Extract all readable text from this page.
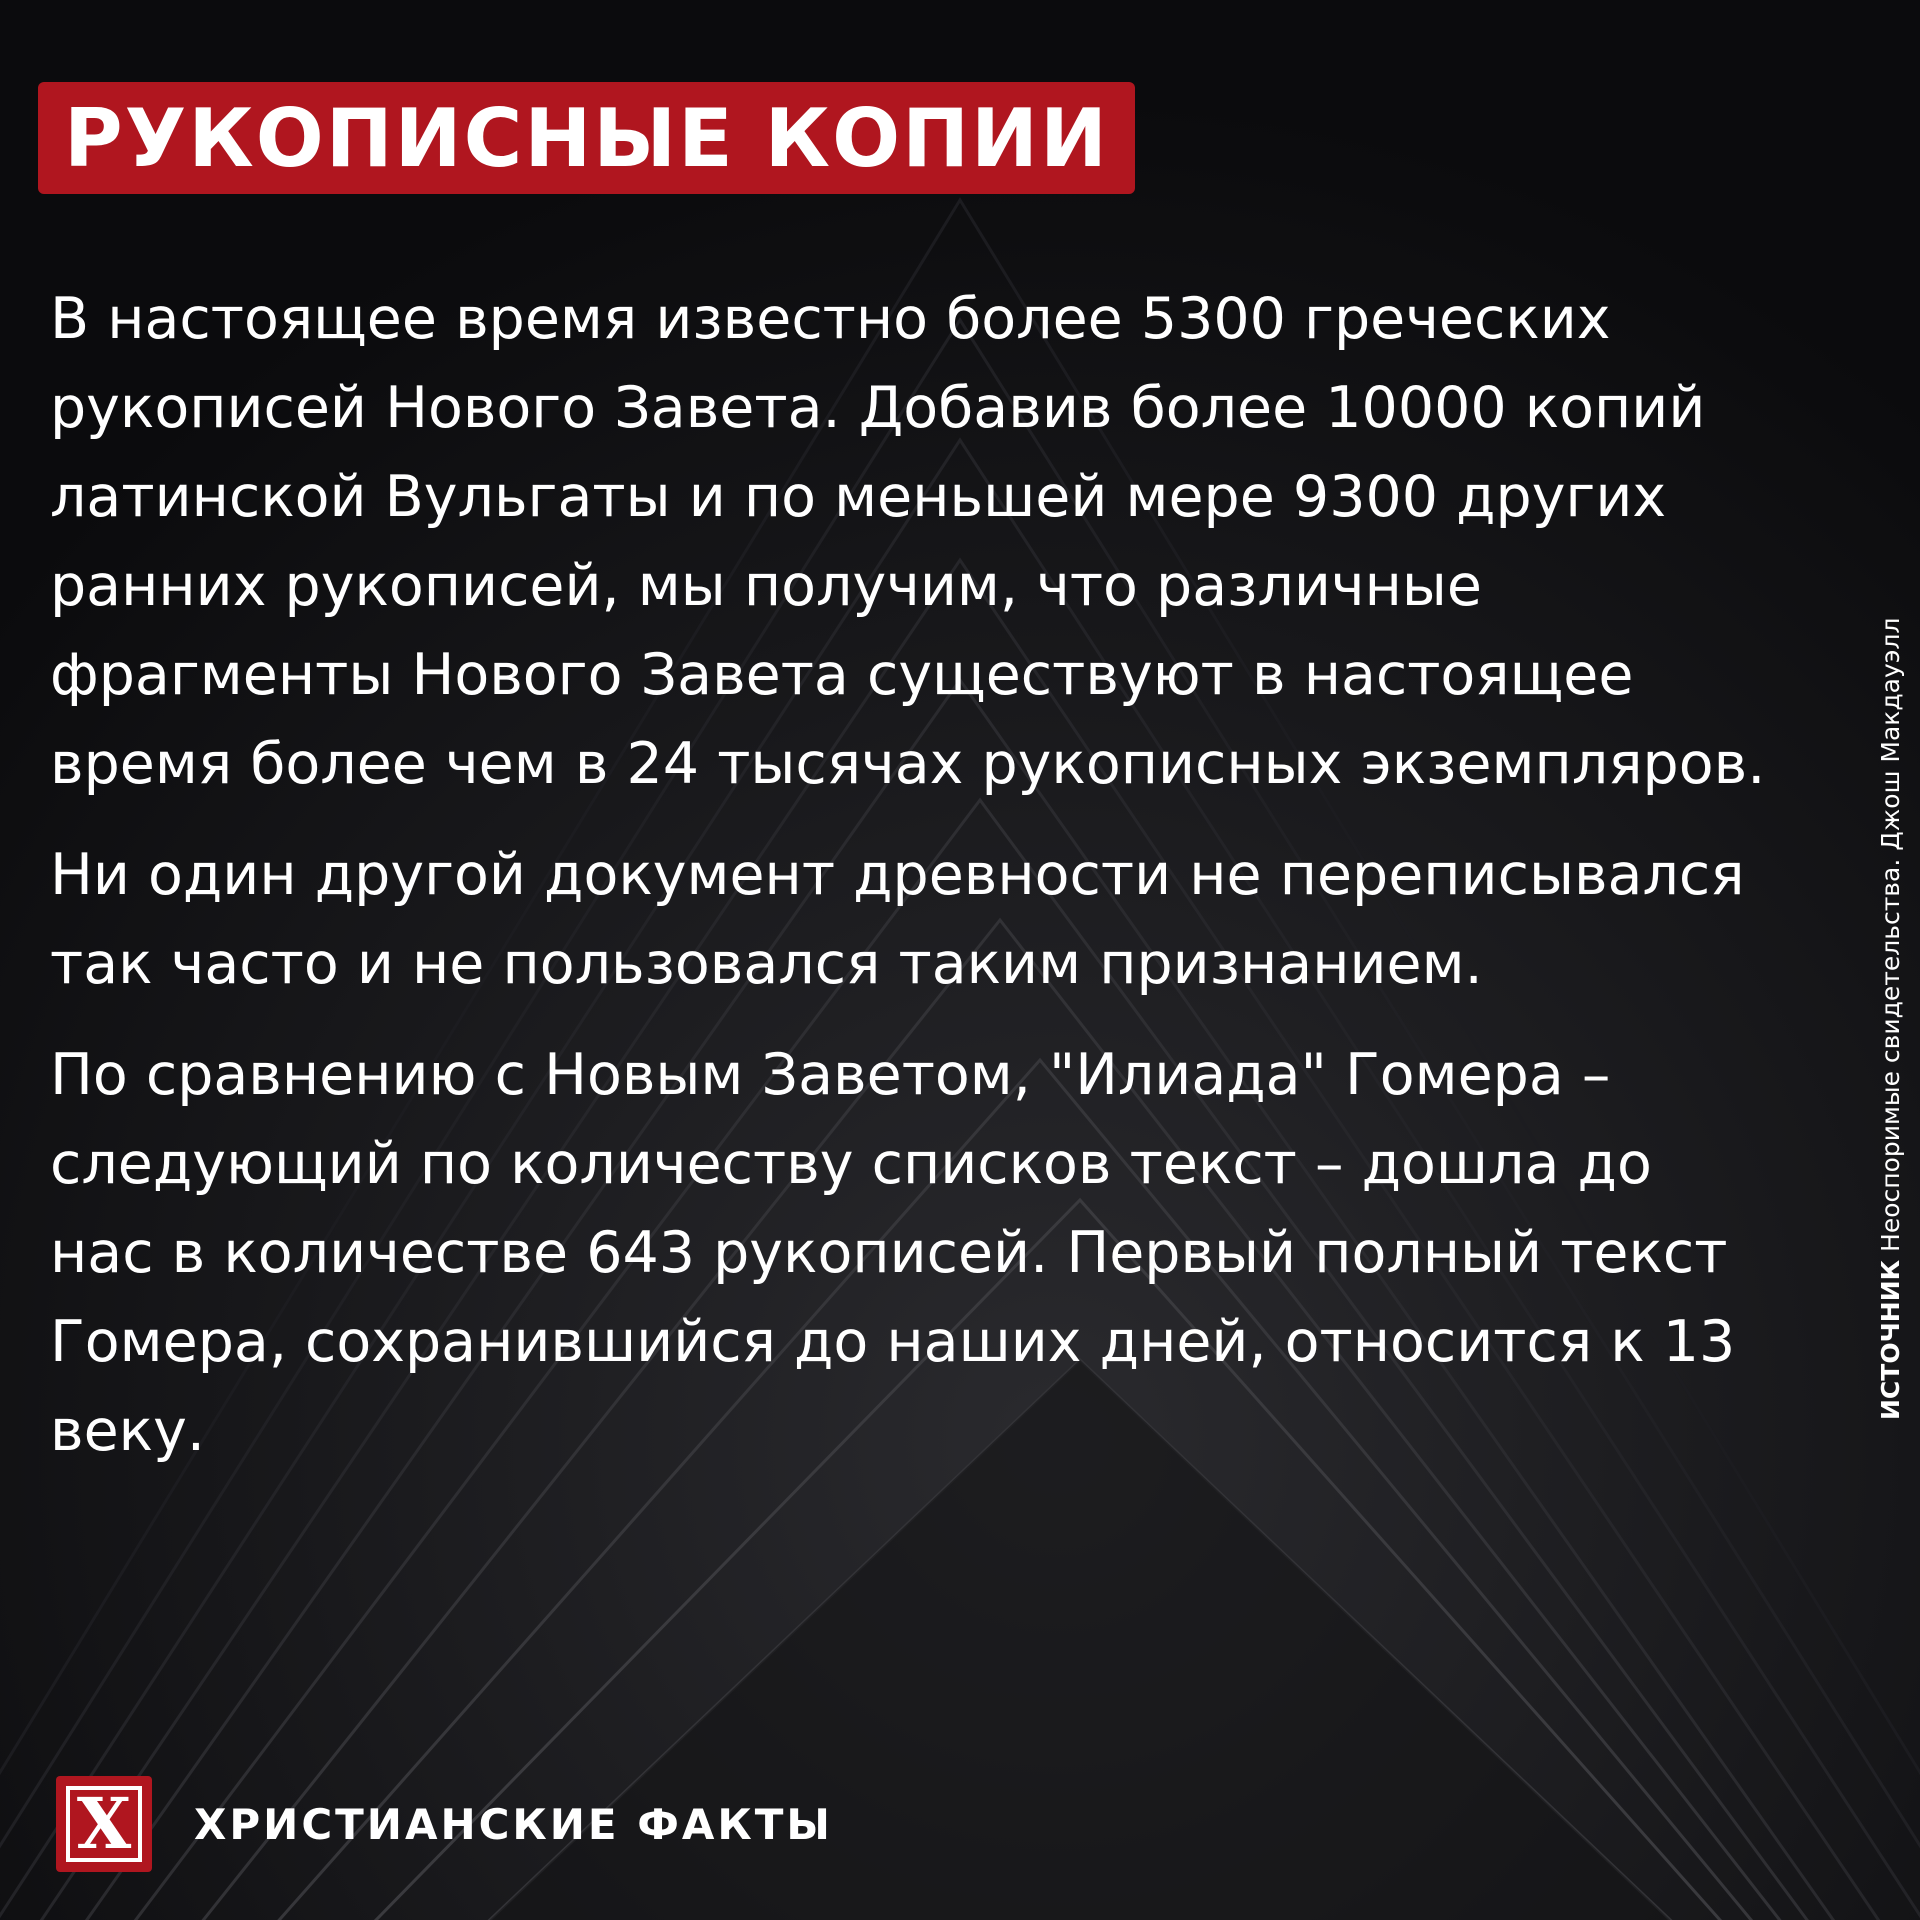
РУКОПИСНЫЕ КОПИИ

В настоящее время известно более 5300 греческих рукописей Нового Завета. Добавив более 10000 копий латинской Вульгаты и по меньшей мере 9300 других ранних рукописей, мы получим, что различные фрагменты Нового Завета существуют в настоящее время более чем в 24 тысячах рукописных экземпляров.

Ни один другой документ древности не переписывался так часто и не пользовался таким признанием.

По сравнению с Новым Заветом, "Илиада" Гомера – следующий по количеству списков текст – дошла до нас в количестве 643 рукописей. Первый полный текст Гомера, сохранившийся до наших дней, относится к 13 веку.

ИСТОЧНИК Неоспоримые свидетельства. Джош Макдауэлл
X ХРИСТИАНСКИЕ ФАКТЫ
